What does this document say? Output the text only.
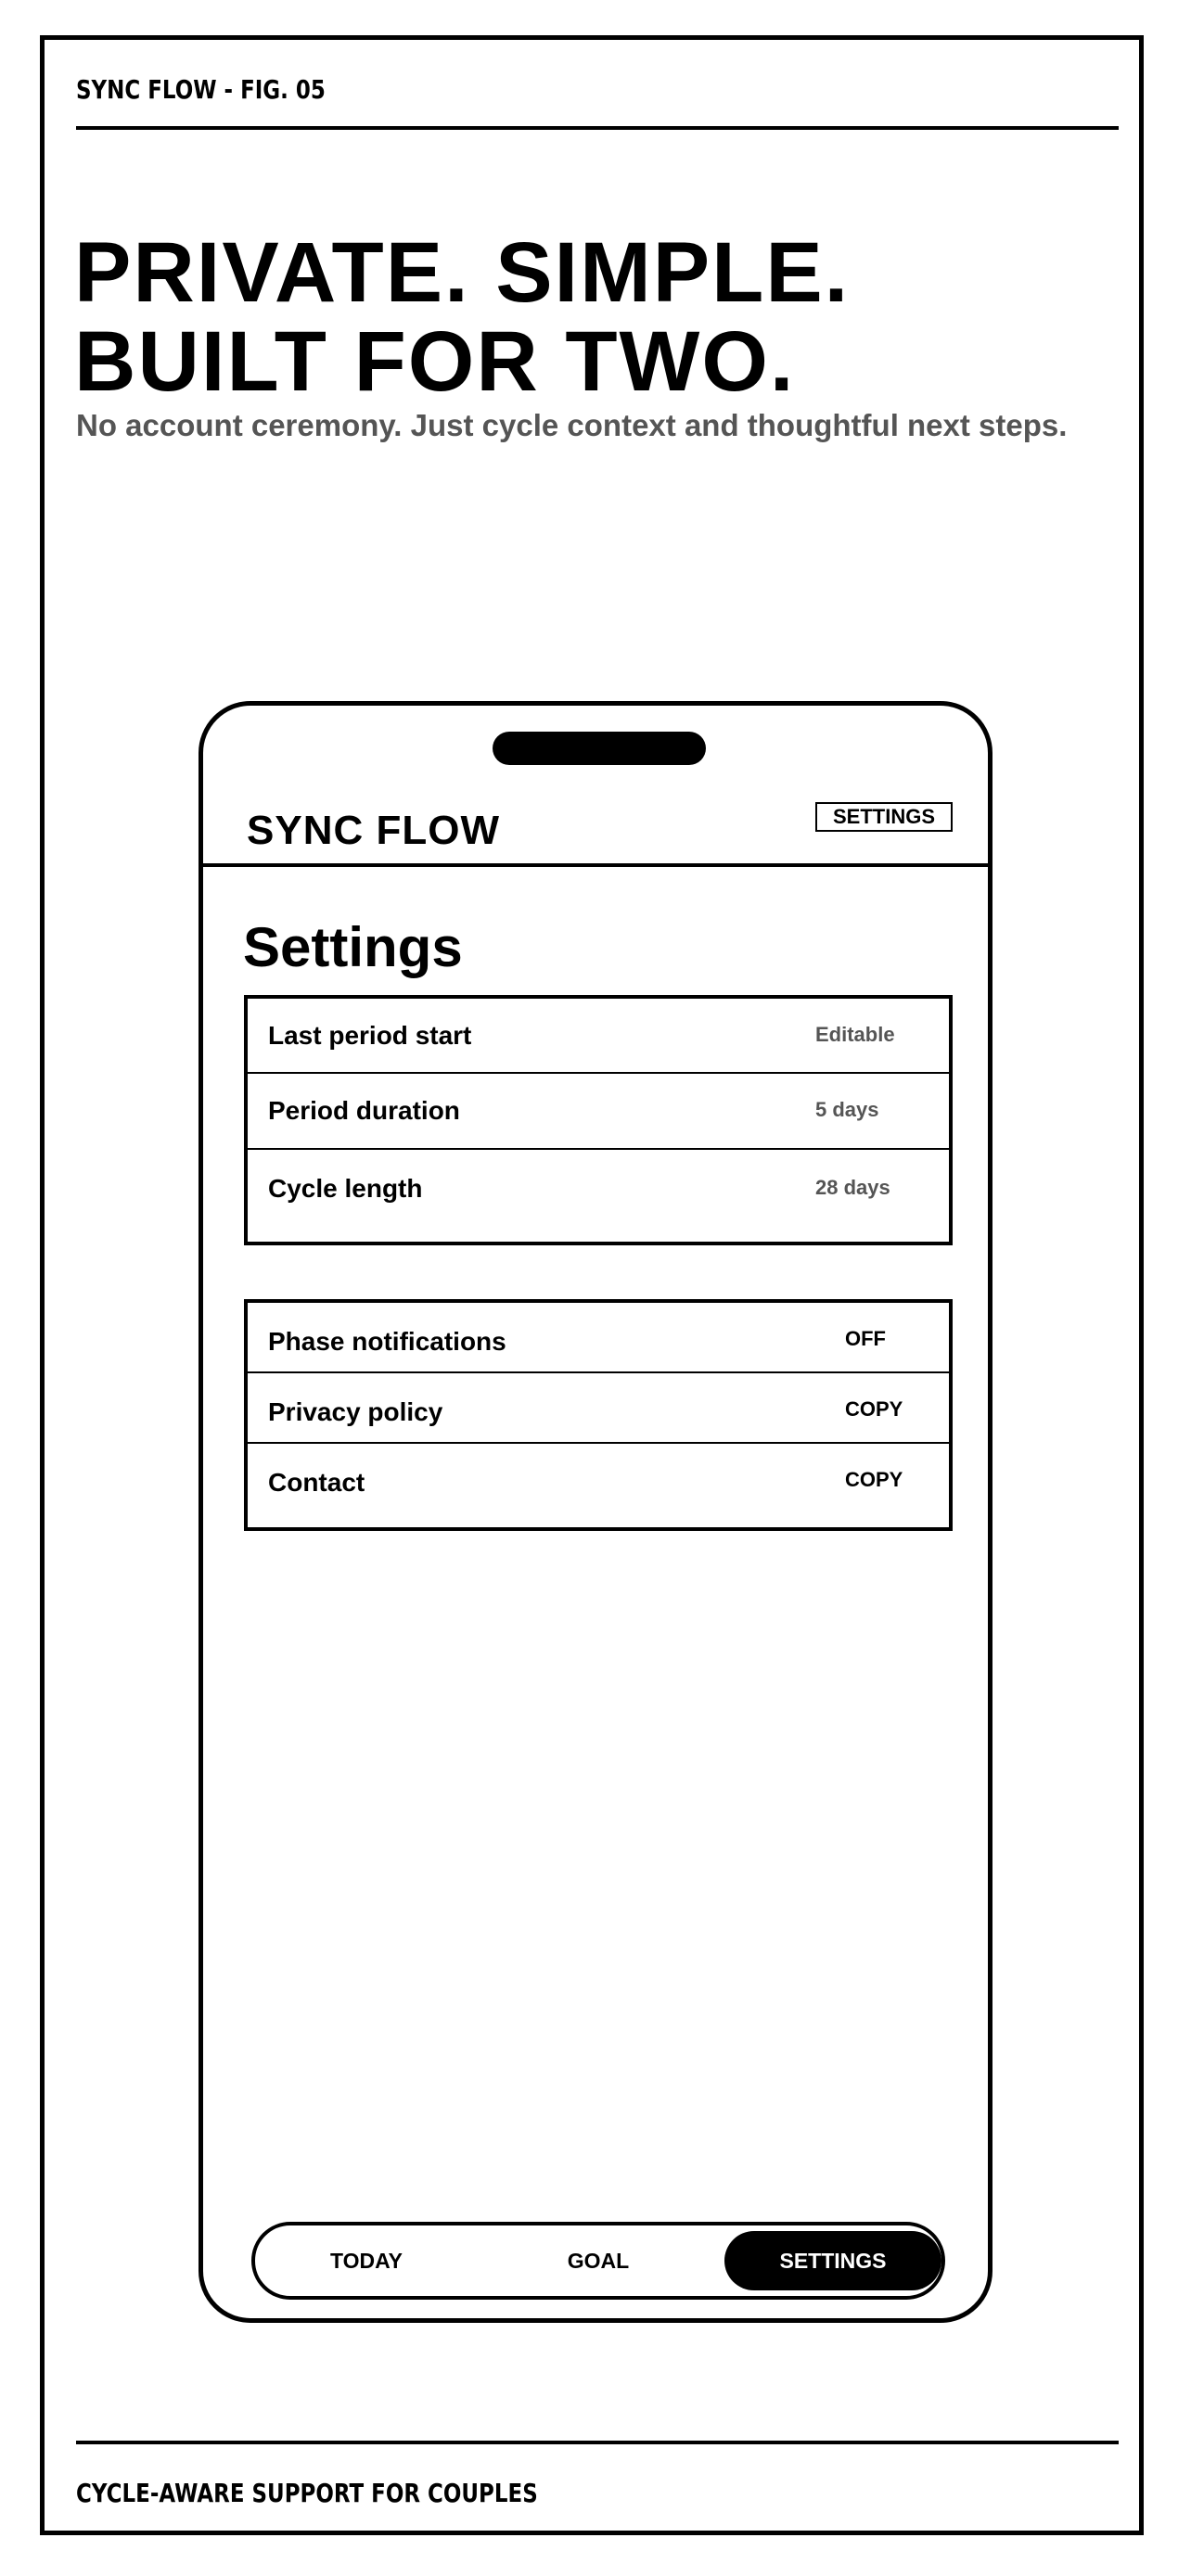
SYNC FLOW - FIG. 05
PRIVATE. SIMPLE.
BUILT FOR TWO.
No account ceremony. Just cycle context and thoughtful next steps.
SYNC FLOW	SETTINGS
Settings
Last period start	Editable
Period duration	5 days
Cycle length	28 days
Phase notifications	OFF
Privacy policy	COPY
Contact	COPY
TODAY	GOAL	SETTINGS
CYCLE-AWARE SUPPORT FOR COUPLES
